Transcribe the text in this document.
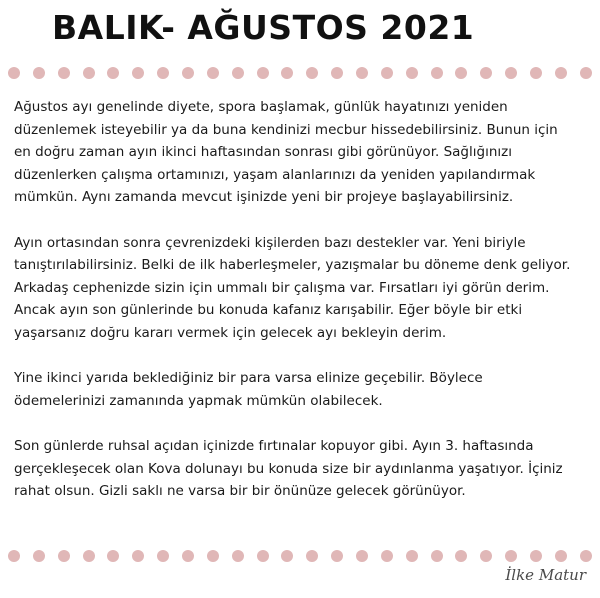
BALIK- AĞUSTOS 2021

Ağustos ayı genelinde diyete, spora başlamak, günlük hayatınızı yeniden
düzenlemek isteyebilir ya da buna kendinizi mecbur hissedebilirsiniz. Bunun için
en doğru zaman ayın ikinci haftasından sonrası gibi görünüyor. Sağlığınızı
düzenlerken çalışma ortamınızı, yaşam alanlarınızı da yeniden yapılandırmak
mümkün. Aynı zamanda mevcut işinizde yeni bir projeye başlayabilirsiniz.

Ayın ortasından sonra çevrenizdeki kişilerden bazı destekler var. Yeni biriyle
tanıştırılabilirsiniz. Belki de ilk haberleşmeler, yazışmalar bu döneme denk geliyor.
Arkadaş cephenizde sizin için ummalı bir çalışma var. Fırsatları iyi görün derim.
Ancak ayın son günlerinde bu konuda kafanız karışabilir. Eğer böyle bir etki
yaşarsanız doğru kararı vermek için gelecek ayı bekleyin derim.

Yine ikinci yarıda beklediğiniz bir para varsa elinize geçebilir. Böylece
ödemelerinizi zamanında yapmak mümkün olabilecek.

Son günlerde ruhsal açıdan içinizde fırtınalar kopuyor gibi. Ayın 3. haftasında
gerçekleşecek olan Kova dolunayı bu konuda size bir aydınlanma yaşatıyor. İçiniz
rahat olsun. Gizli saklı ne varsa bir bir önünüze gelecek görünüyor.

İlke Matur
